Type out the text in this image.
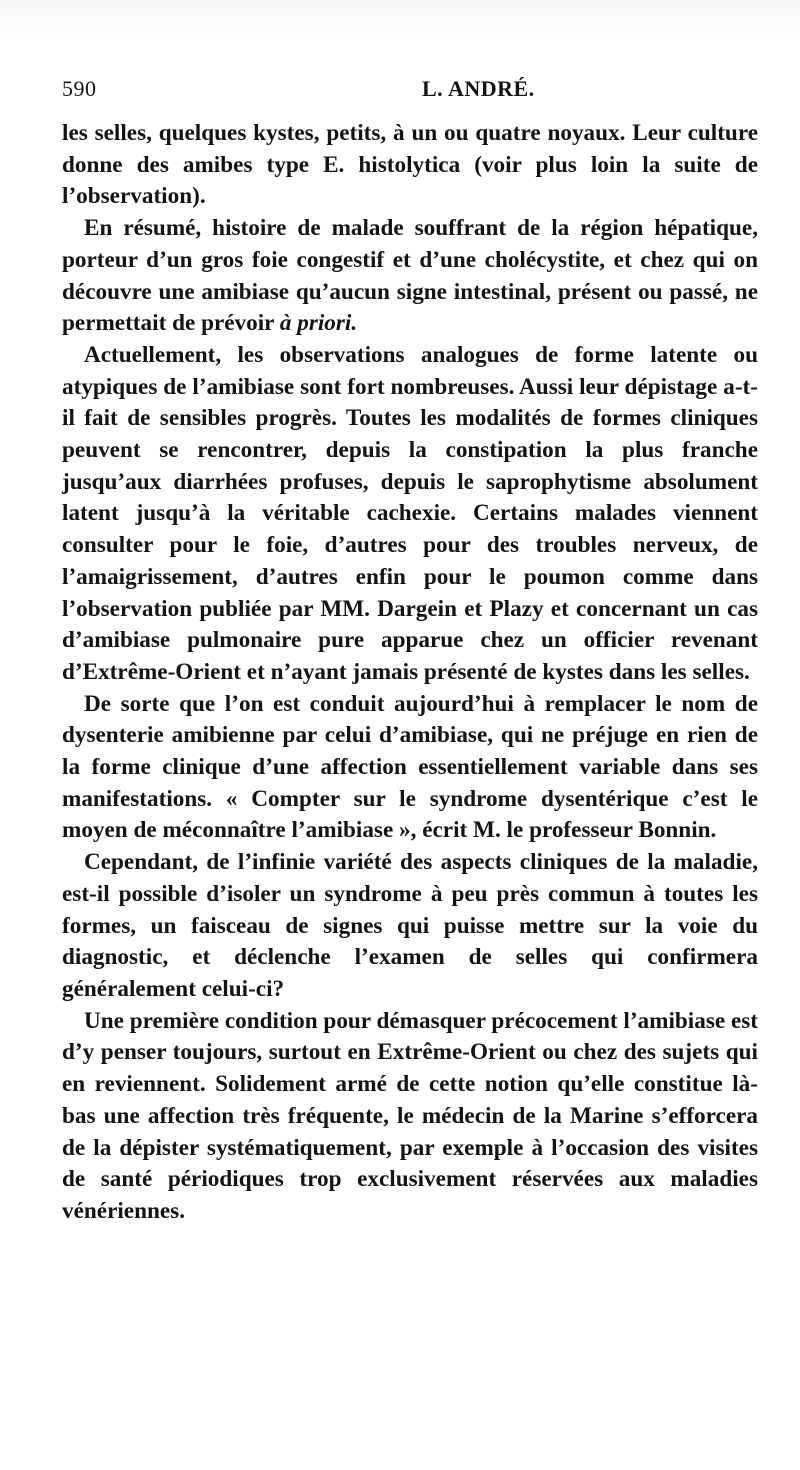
590	L. ANDRÉ.

les selles, quelques kystes, petits, à un ou quatre noyaux. Leur culture donne des amibes type E. histolytica (voir plus loin la suite de l’observation).

En résumé, histoire de malade souffrant de la région hépatique, porteur d’un gros foie congestif et d’une cholécystite, et chez qui on découvre une amibiase qu’aucun signe intestinal, présent ou passé, ne permettait de prévoir à priori.

Actuellement, les observations analogues de forme latente ou atypiques de l’amibiase sont fort nombreuses. Aussi leur dépistage a-t-il fait de sensibles progrès. Toutes les modalités de formes cliniques peuvent se rencontrer, depuis la constipation la plus franche jusqu’aux diarrhées profuses, depuis le saprophytisme absolument latent jusqu’à la véritable cachexie. Certains malades viennent consulter pour le foie, d’autres pour des troubles nerveux, de l’amaigrissement, d’autres enfin pour le poumon comme dans l’observation publiée par MM. Dargein et Plazy et concernant un cas d’amibiase pulmonaire pure apparue chez un officier revenant d’Extrême-Orient et n’ayant jamais présenté de kystes dans les selles.

De sorte que l’on est conduit aujourd’hui à remplacer le nom de dysenterie amibienne par celui d’amibiase, qui ne préjuge en rien de la forme clinique d’une affection essentiellement variable dans ses manifestations. « Compter sur le syndrome dysentérique c’est le moyen de méconnaître l’amibiase », écrit M. le professeur Bonnin.

Cependant, de l’infinie variété des aspects cliniques de la maladie, est-il possible d’isoler un syndrome à peu près commun à toutes les formes, un faisceau de signes qui puisse mettre sur la voie du diagnostic, et déclenche l’examen de selles qui confirmera généralement celui-ci?

Une première condition pour démasquer précocement l’amibiase est d’y penser toujours, surtout en Extrême-Orient ou chez des sujets qui en reviennent. Solidement armé de cette notion qu’elle constitue là-bas une affection très fréquente, le médecin de la Marine s’efforcera de la dépister systématiquement, par exemple à l’occasion des visites de santé périodiques trop exclusivement réservées aux maladies vénériennes.
